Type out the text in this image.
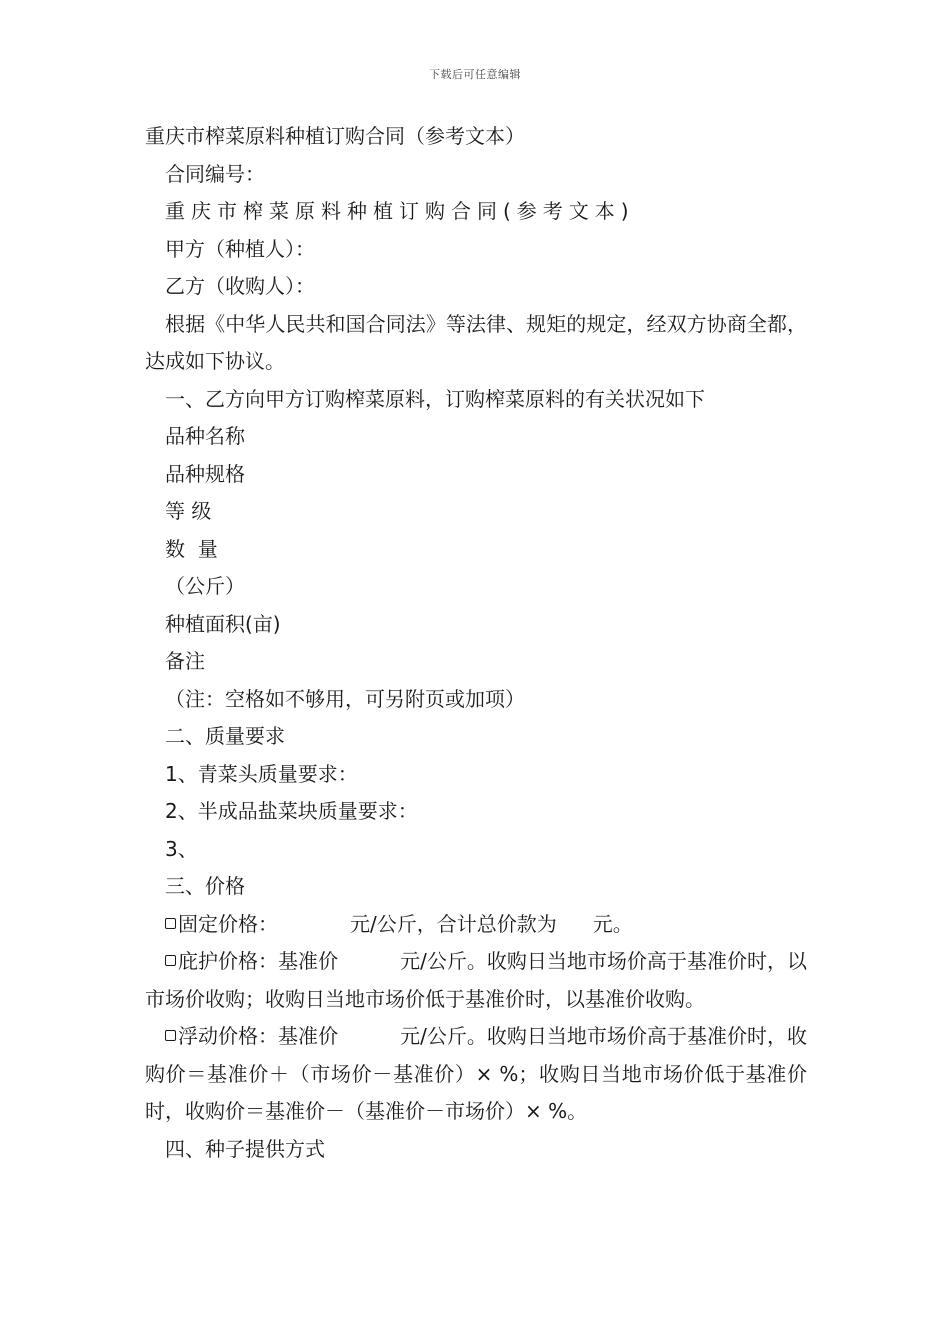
下载后可任意编辑

重庆市榨菜原料种植订购合同（参考文本）

合同编号：

重庆市榨菜原料种植订购合同(参考文本)

甲方（种植人）：

乙方（收购人）：

根据《中华人民共和国合同法》等法律、规矩的规定，经双方协商全都，达成如下协议。

一、乙方向甲方订购榨菜原料，订购榨菜原料的有关状况如下

品种名称

品种规格

等 级

数  量

（公斤）

种植面积(亩)

备注

（注：空格如不够用，可另附页或加项）

二、质量要求

1、青菜头质量要求：

2、半成品盐菜块质量要求：

3、

三、价格

固定价格：	元/公斤，合计总价款为 元。

庇护价格：基准价	元/公斤。收购日当地市场价高于基准价时，以市场价收购；收购日当地市场价低于基准价时，以基准价收购。

浮动价格：基准价	元/公斤。收购日当地市场价高于基准价时，收购价＝基准价＋（市场价－基准价）× %；收购日当地市场价低于基准价时，收购价＝基准价－（基准价－市场价）× %。

四、种子提供方式
